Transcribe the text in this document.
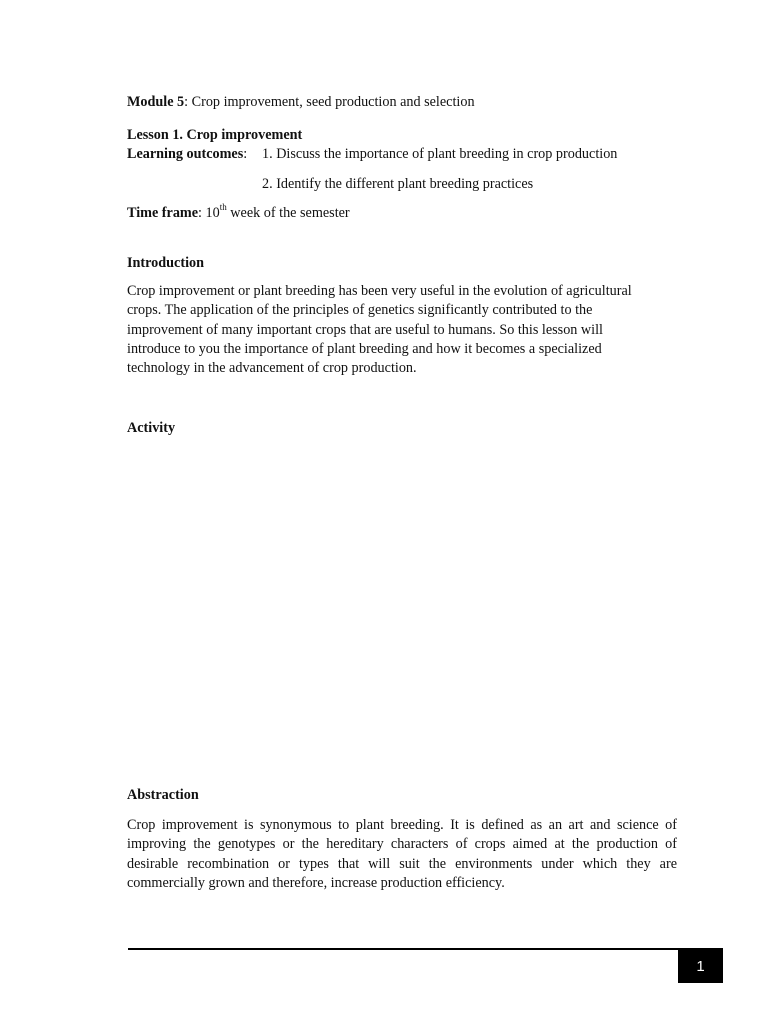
Module 5: Crop improvement, seed production and selection
Lesson 1. Crop improvement
Learning outcomes: 1. Discuss the importance of plant breeding in crop production
2. Identify the different plant breeding practices
Time frame: 10th week of the semester
Introduction
Crop improvement or plant breeding has been very useful in the evolution of agricultural
crops. The application of the principles of genetics significantly contributed to the
improvement of many important crops that are useful to humans. So this lesson will
introduce to you the importance of plant breeding and how it becomes a specialized
technology in the advancement of crop production.
Activity
Abstraction
Crop improvement is synonymous to plant breeding. It is defined as an art and science of
improving the genotypes or the hereditary characters of crops aimed at the production of
desirable recombination or types that will suit the environments under which they are
commercially grown and therefore, increase production efficiency.
1
